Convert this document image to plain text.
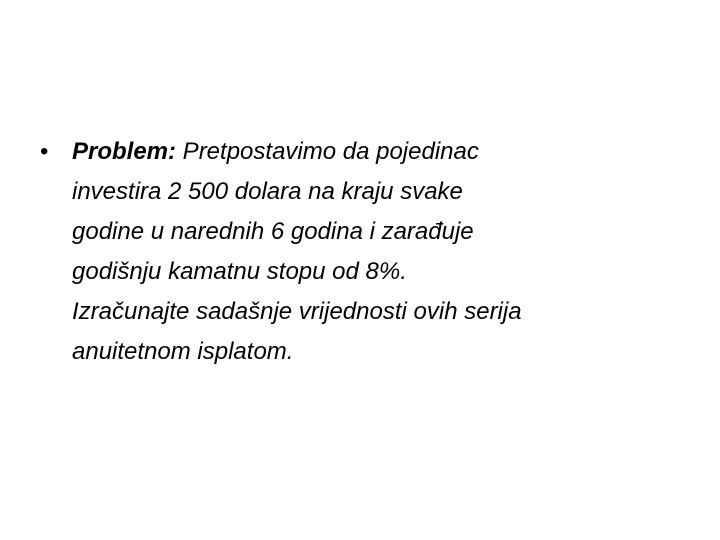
• Problem: Pretpostavimo da pojedinac
investira 2 500 dolara na kraju svake
godine u narednih 6 godina i zarađuje
godišnju kamatnu stopu od 8%.
Izračunajte sadašnje vrijednosti ovih serija
anuitetnom isplatom.
